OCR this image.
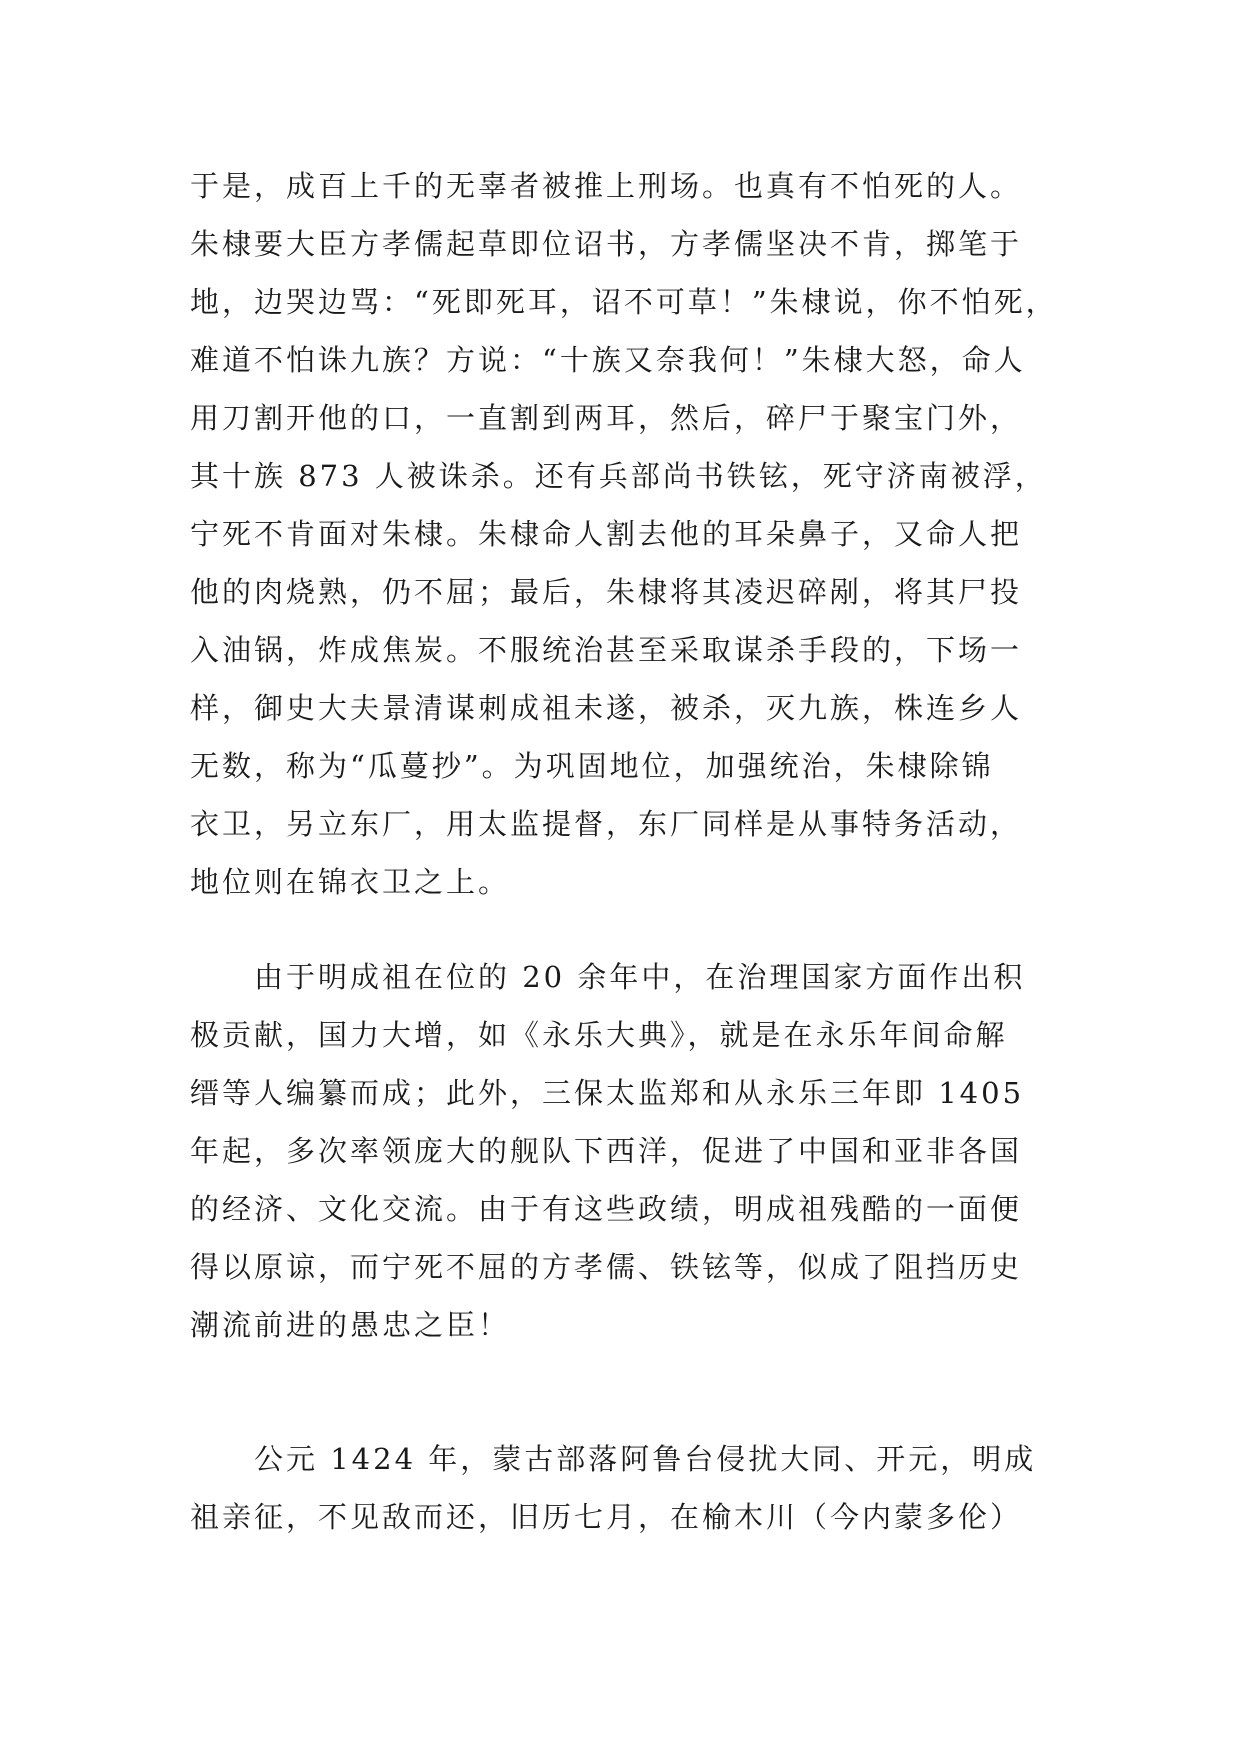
于是，成百上千的无辜者被推上刑场。也真有不怕死的人。
朱棣要大臣方孝儒起草即位诏书，方孝儒坚决不肯，掷笔于
地，边哭边骂：“死即死耳，诏不可草！”朱棣说，你不怕死，
难道不怕诛九族？方说：“十族又奈我何！”朱棣大怒，命人
用刀割开他的口，一直割到两耳，然后，碎尸于聚宝门外，
其十族 873 人被诛杀。还有兵部尚书铁铉，死守济南被浮，
宁死不肯面对朱棣。朱棣命人割去他的耳朵鼻子，又命人把
他的肉烧熟，仍不屈；最后，朱棣将其凌迟碎剐，将其尸投
入油锅，炸成焦炭。不服统治甚至采取谋杀手段的，下场一
样，御史大夫景清谋刺成祖未遂，被杀，灭九族，株连乡人
无数，称为“瓜蔓抄”。为巩固地位，加强统治，朱棣除锦
衣卫，另立东厂，用太监提督，东厂同样是从事特务活动，
地位则在锦衣卫之上。

　　由于明成祖在位的 20 余年中，在治理国家方面作出积
极贡献，国力大增，如《永乐大典》，就是在永乐年间命解
缙等人编纂而成；此外，三保太监郑和从永乐三年即 1405
年起，多次率领庞大的舰队下西洋，促进了中国和亚非各国
的经济、文化交流。由于有这些政绩，明成祖残酷的一面便
得以原谅，而宁死不屈的方孝儒、铁铉等，似成了阻挡历史
潮流前进的愚忠之臣！

　　公元 1424 年，蒙古部落阿鲁台侵扰大同、开元，明成
祖亲征，不见敌而还，旧历七月，在榆木川（今内蒙多伦）
